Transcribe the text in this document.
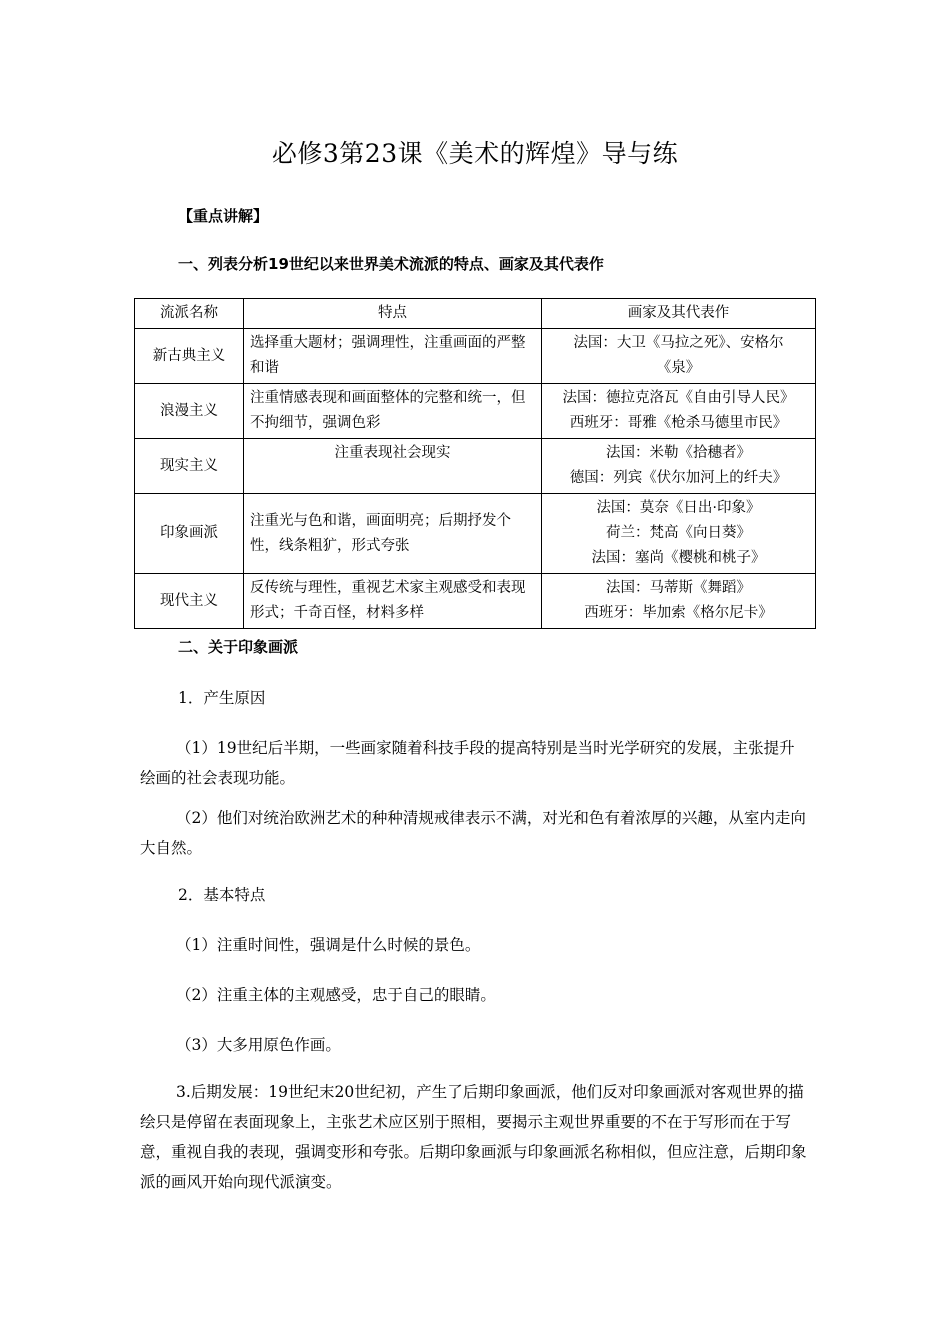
必修3第23课《美术的辉煌》导与练
【重点讲解】
一、列表分析19世纪以来世界美术流派的特点、画家及其代表作
流派名称	特点	画家及其代表作
新古典主义	选择重大题材；强调理性，注重画面的严整和谐	法国：大卫《马拉之死》、安格尔
《泉》

浪漫主义	注重情感表现和画面整体的完整和统一，但不拘细节，强调色彩	法国：德拉克洛瓦《自由引导人民》
西班牙：哥雅《枪杀马德里市民》

现实主义	注重表现社会现实	法国：米勒《拾穗者》
德国：列宾《伏尔加河上的纤夫》

印象画派	注重光与色和谐，画面明亮；后期抒发个性，线条粗犷，形式夸张	法国：莫奈《日出·印象》
荷兰：梵高《向日葵》
法国：塞尚《樱桃和桃子》

现代主义	反传统与理性，重视艺术家主观感受和表现形式；千奇百怪，材料多样	法国：马蒂斯《舞蹈》
西班牙：毕加索《格尔尼卡》
二、关于印象画派
1．产生原因
（1）19世纪后半期，一些画家随着科技手段的提高特别是当时光学研究的发展，主张提升绘画的社会表现功能。
（2）他们对统治欧洲艺术的种种清规戒律表示不满，对光和色有着浓厚的兴趣，从室内走向大自然。
2．基本特点
（1）注重时间性，强调是什么时候的景色。
（2）注重主体的主观感受，忠于自己的眼睛。
（3）大多用原色作画。
3.后期发展：19世纪末20世纪初，产生了后期印象画派，他们反对印象画派对客观世界的描绘只是停留在表面现象上，主张艺术应区别于照相，要揭示主观世界重要的不在于写形而在于写意，重视自我的表现，强调变形和夸张。后期印象画派与印象画派名称相似，但应注意，后期印象派的画风开始向现代派演变。
